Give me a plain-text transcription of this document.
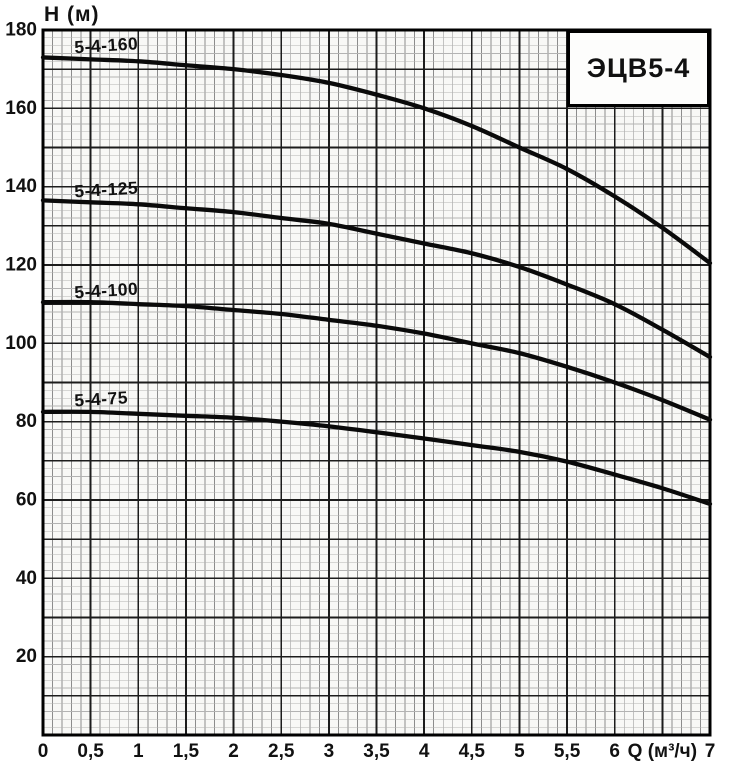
5-4-160
5-4-125
5-4-100
5-4-75
0 0,5 1 1,5 2 2,5 3 3,5 4 4,5 5 5,5 6 Q (м³/ч) 7
180
160
140
120
100
80
60
40
20
H (м)
ЭЦВ5-4
